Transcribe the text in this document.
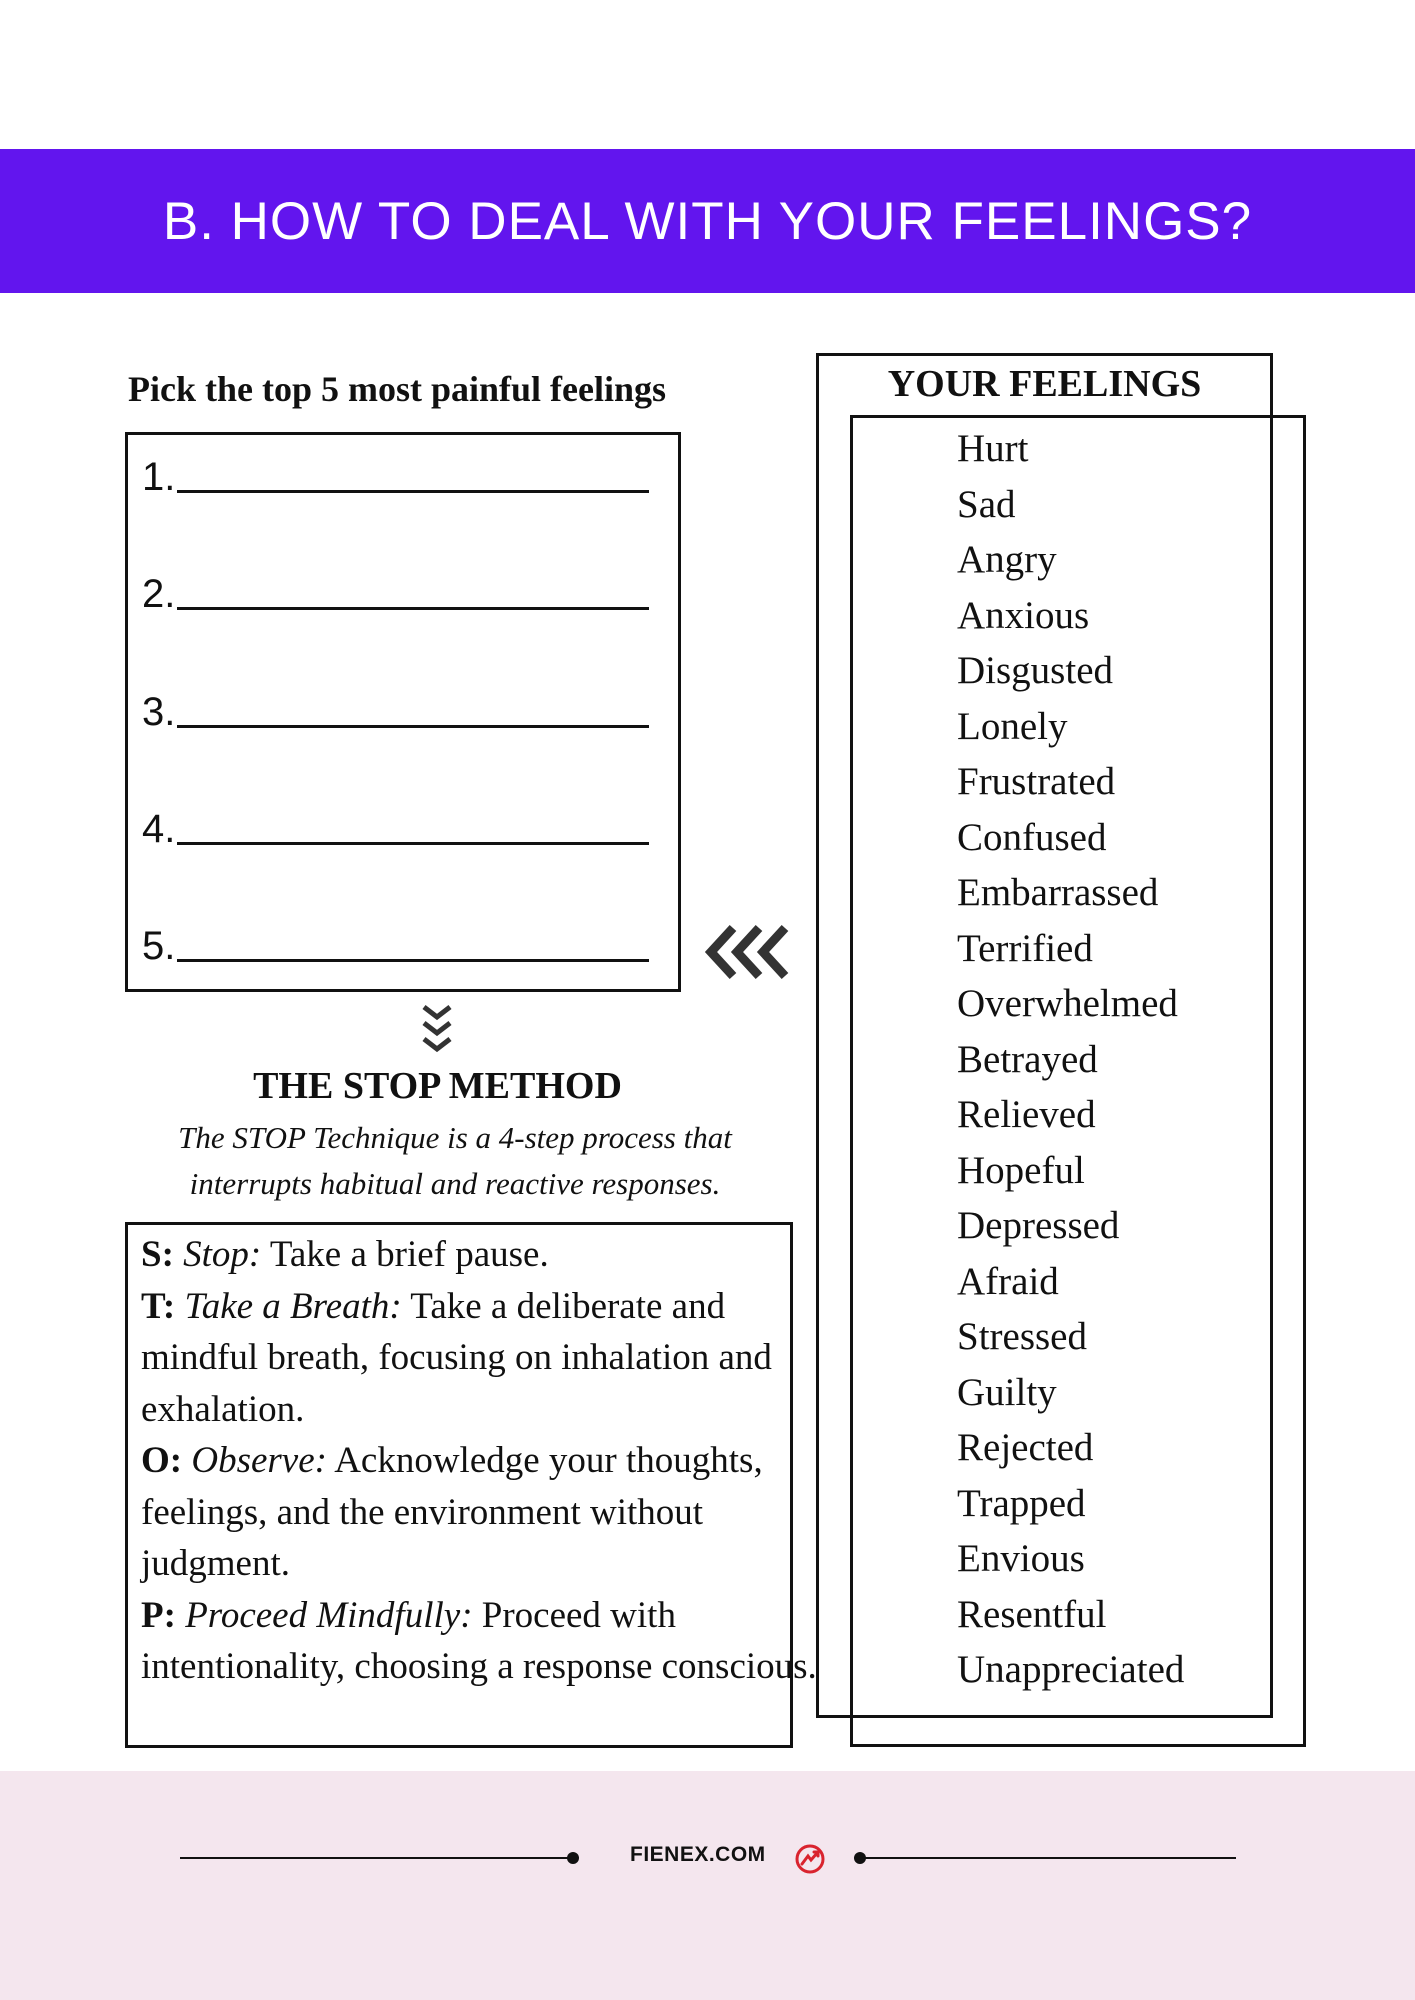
B. HOW TO DEAL WITH YOUR FEELINGS?
Pick the top 5 most painful feelings
1.
2.
3.
4.
5.
THE STOP METHOD

The STOP Technique is a 4-step process that
interrupts habitual and reactive responses.

S: Stop: Take a brief pause.

T: Take a Breath: Take a deliberate and mindful breath, focusing on inhalation and exhalation.

O: Observe: Acknowledge your thoughts, feelings, and the environment without judgment.

P: Proceed Mindfully: Proceed with intentionality, choosing a response conscious.

YOUR FEELINGS
Hurt
Sad
Angry
Anxious
Disgusted
Lonely
Frustrated
Confused
Embarrassed
Terrified
Overwhelmed
Betrayed
Relieved
Hopeful
Depressed
Afraid
Stressed
Guilty
Rejected
Trapped
Envious
Resentful
Unappreciated
FIENEX.COM
